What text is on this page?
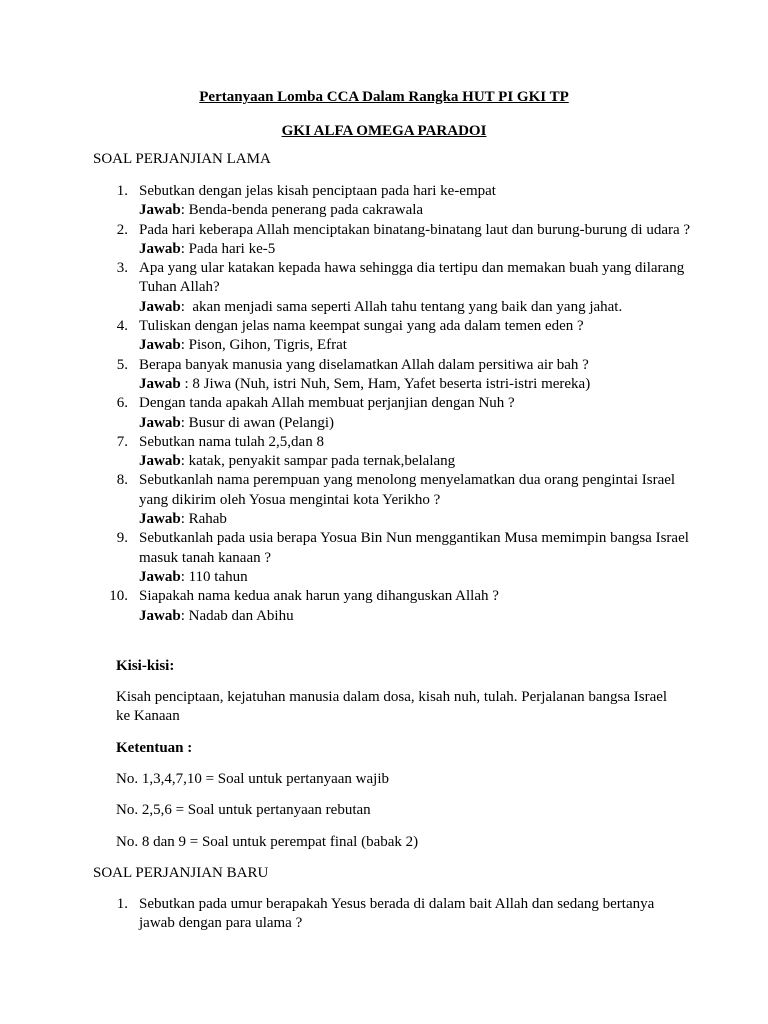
Pertanyaan Lomba CCA Dalam Rangka HUT PI GKI TP
GKI ALFA OMEGA PARADOI
SOAL PERJANJIAN LAMA
1. Sebutkan dengan jelas kisah penciptaan pada hari ke-empat
Jawab: Benda-benda penerang pada cakrawala
2. Pada hari keberapa Allah menciptakan binatang-binatang laut dan burung-burung di udara ?
Jawab: Pada hari ke-5
3. Apa yang ular katakan kepada hawa sehingga dia tertipu dan memakan buah yang dilarang Tuhan Allah?
Jawab:  akan menjadi sama seperti Allah tahu tentang yang baik dan yang jahat.
4. Tuliskan dengan jelas nama keempat sungai yang ada dalam temen eden ?
Jawab: Pison, Gihon, Tigris, Efrat
5. Berapa banyak manusia yang diselamatkan Allah dalam persitiwa air bah ?
Jawab : 8 Jiwa (Nuh, istri Nuh, Sem, Ham, Yafet beserta istri-istri mereka)
6. Dengan tanda apakah Allah membuat perjanjian dengan Nuh ?
Jawab: Busur di awan (Pelangi)
7. Sebutkan nama tulah 2,5,dan 8
Jawab: katak, penyakit sampar pada ternak,belalang
8. Sebutkanlah nama perempuan yang menolong menyelamatkan dua orang pengintai Israel yang dikirim oleh Yosua mengintai kota Yerikho ?
Jawab: Rahab
9. Sebutkanlah pada usia berapa Yosua Bin Nun menggantikan Musa memimpin bangsa Israel masuk tanah kanaan ?
Jawab: 110 tahun
10. Siapakah nama kedua anak harun yang dihanguskan Allah ?
Jawab: Nadab dan Abihu

Kisi-kisi:

Kisah penciptaan, kejatuhan manusia dalam dosa, kisah nuh, tulah. Perjalanan bangsa Israel ke Kanaan

Ketentuan :

No. 1,3,4,7,10 = Soal untuk pertanyaan wajib

No. 2,5,6 = Soal untuk pertanyaan rebutan

No. 8 dan 9 = Soal untuk perempat final (babak 2)

SOAL PERJANJIAN BARU
1. Sebutkan pada umur berapakah Yesus berada di dalam bait Allah dan sedang bertanya jawab dengan para ulama ?
